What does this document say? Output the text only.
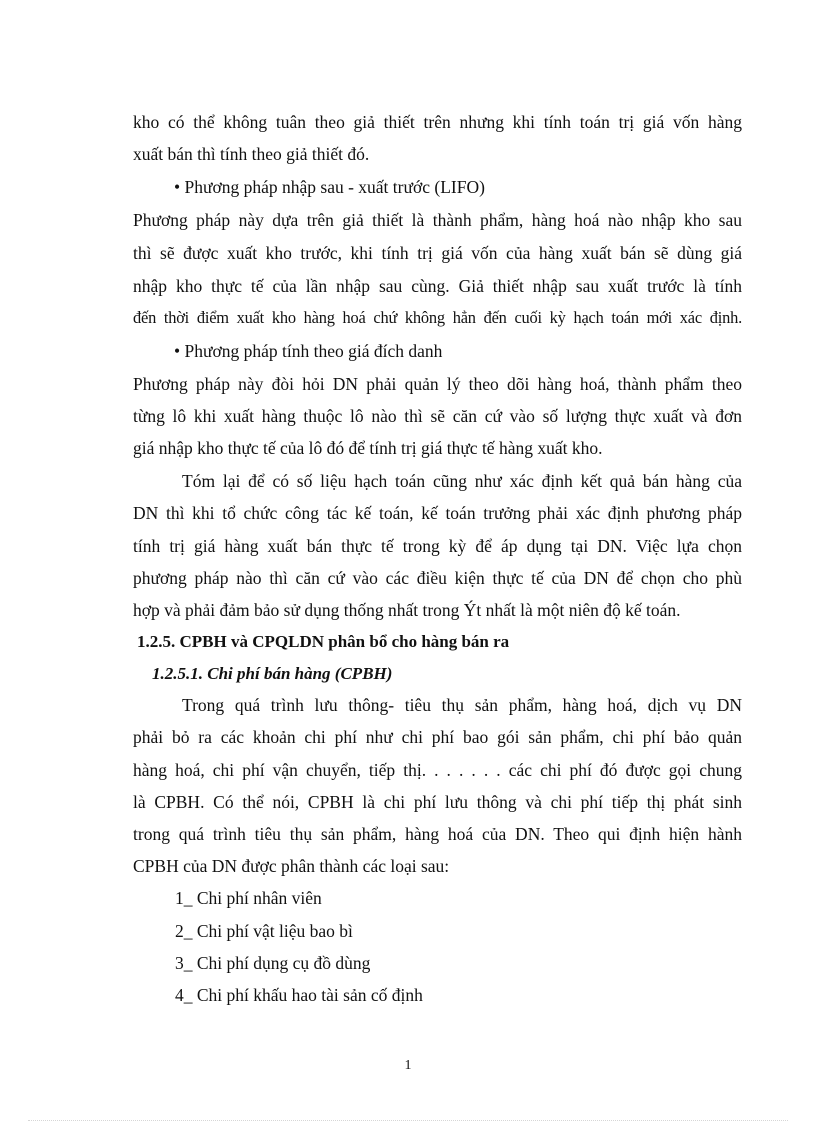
kho có thể không tuân theo giả thiết trên nhưng khi tính toán trị giá vốn hàng
xuất bán thì tính theo giả thiết đó.
• Phương pháp nhập sau - xuất trước (LIFO)
Phương pháp này dựa trên giả thiết là thành phẩm, hàng hoá nào nhập kho sau
thì sẽ được xuất kho trước, khi tính trị giá vốn của hàng xuất bán sẽ dùng giá
nhập kho thực tế của lần nhập sau cùng. Giả thiết nhập sau xuất trước là tính
đến thời điểm xuất kho hàng hoá chứ không hẳn đến cuối kỳ hạch toán mới xác định.
• Phương pháp tính theo giá đích danh
Phương pháp này đòi hỏi DN phải quản lý theo dõi hàng hoá, thành phẩm theo
từng lô khi xuất hàng thuộc lô nào thì sẽ căn cứ vào số lượng thực xuất và đơn
giá nhập kho thực tế của lô đó để tính trị giá thực tế hàng xuất kho.
Tóm lại để có số liệu hạch toán cũng như xác định kết quả bán hàng của
DN thì khi tổ chức công tác kế toán, kế toán trưởng phải xác định phương pháp
tính trị giá hàng xuất bán thực tế trong kỳ để áp dụng tại DN. Việc lựa chọn
phương pháp nào thì căn cứ vào các điều kiện thực tế của DN để chọn cho phù
hợp và phải đảm bảo sử dụng thống nhất trong Ýt nhất là một niên độ kế toán.
1.2.5. CPBH và CPQLDN phân bổ cho hàng bán ra
1.2.5.1. Chi phí bán hàng (CPBH)
Trong quá trình lưu thông- tiêu thụ sản phẩm, hàng hoá, dịch vụ DN
phải bỏ ra các khoản chi phí như chi phí bao gói sản phẩm, chi phí bảo quản
hàng hoá, chi phí vận chuyển, tiếp thị. . . . . . . các chi phí đó được gọi chung
là CPBH. Có thể nói, CPBH là chi phí lưu thông và chi phí tiếp thị phát sinh
trong quá trình tiêu thụ sản phẩm, hàng hoá của DN. Theo qui định hiện hành
CPBH của DN được phân thành các loại sau:
1_ Chi phí nhân viên
2_ Chi phí vật liệu bao bì
3_ Chi phí dụng cụ đồ dùng
4_ Chi phí khấu hao tài sản cố định
1
